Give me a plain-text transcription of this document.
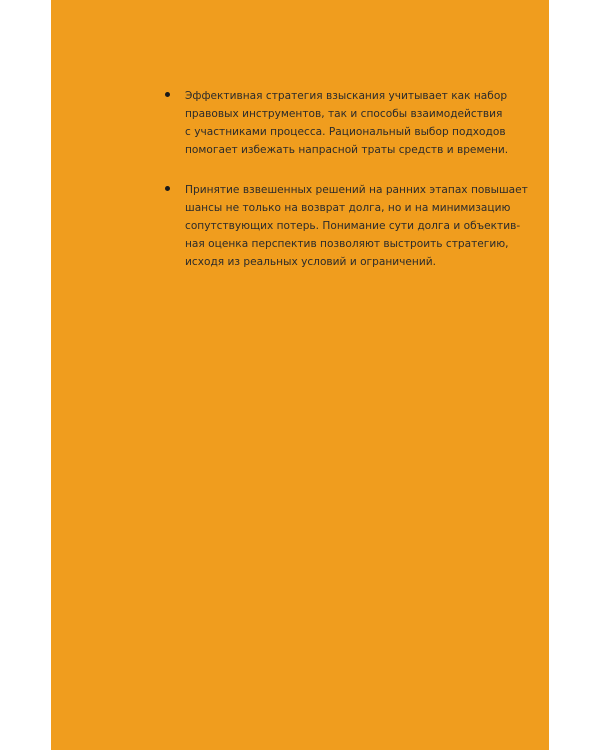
Эффективная стратегия взыскания учитывает как набор
правовых инструментов, так и способы взаимодействия
с участниками процесса. Рациональный выбор подходов
помогает избежать напрасной траты средств и времени.

Принятие взвешенных решений на ранних этапах повышает
шансы не только на возврат долга, но и на минимизацию
сопутствующих потерь. Понимание сути долга и объектив-
ная оценка перспектив позволяют выстроить стратегию,
исходя из реальных условий и ограничений.
